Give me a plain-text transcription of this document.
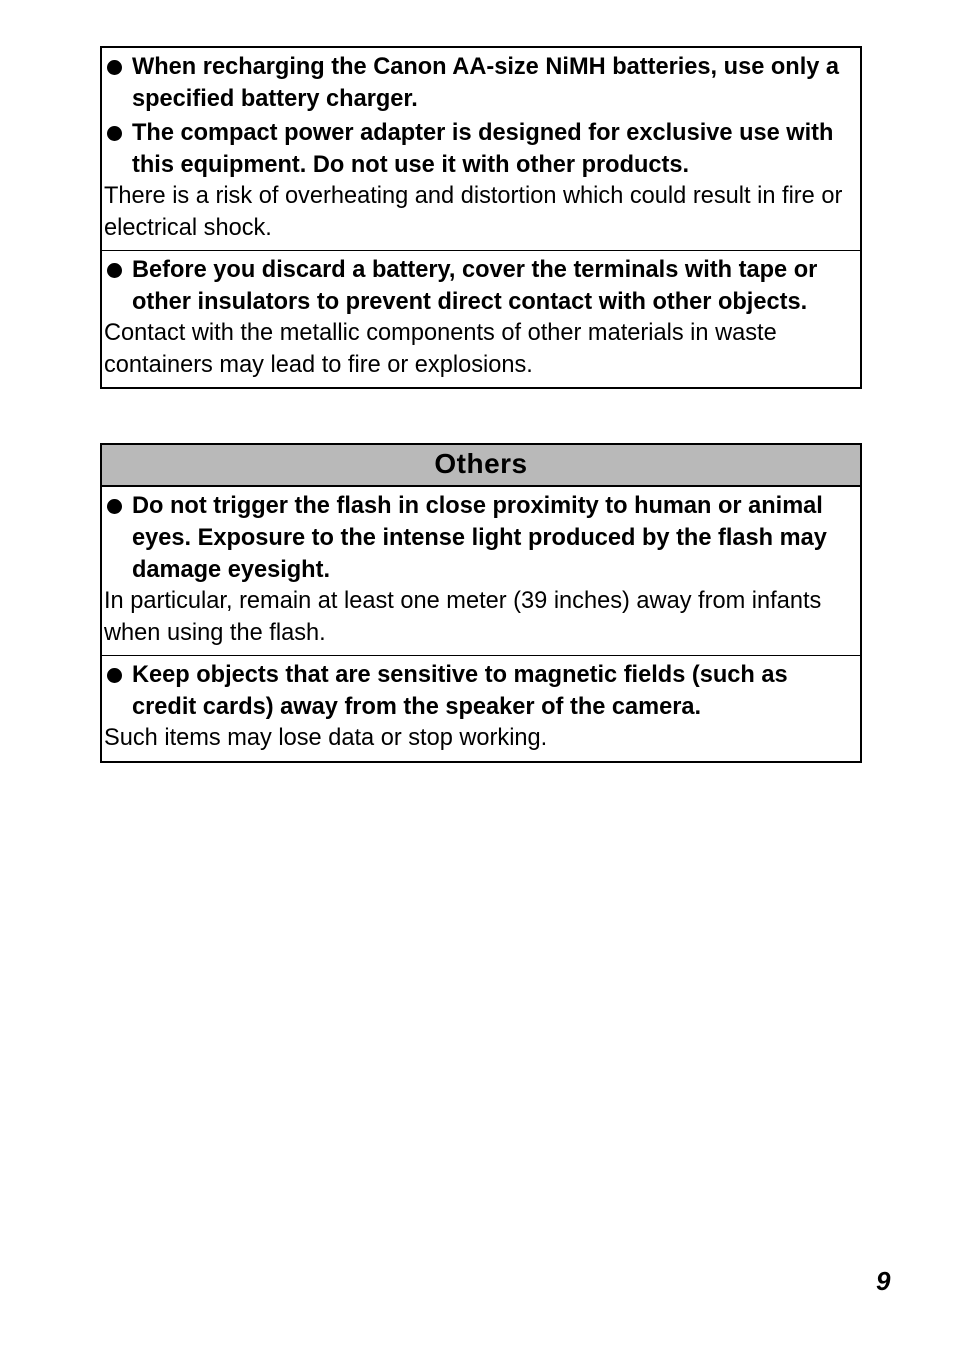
When recharging the Canon AA-size NiMH batteries, use only a specified battery charger.
The compact power adapter is designed for exclusive use with this equipment. Do not use it with other products.
There is a risk of overheating and distortion which could result in fire or electrical shock.
Before you discard a battery, cover the terminals with tape or other insulators to prevent direct contact with other objects.
Contact with the metallic components of other materials in waste containers may lead to fire or explosions.
Others
Do not trigger the flash in close proximity to human or animal eyes. Exposure to the intense light produced by the flash may damage eyesight.
In particular, remain at least one meter (39 inches) away from infants when using the flash.
Keep objects that are sensitive to magnetic fields (such as credit cards) away from the speaker of the camera.
Such items may lose data or stop working.
9
